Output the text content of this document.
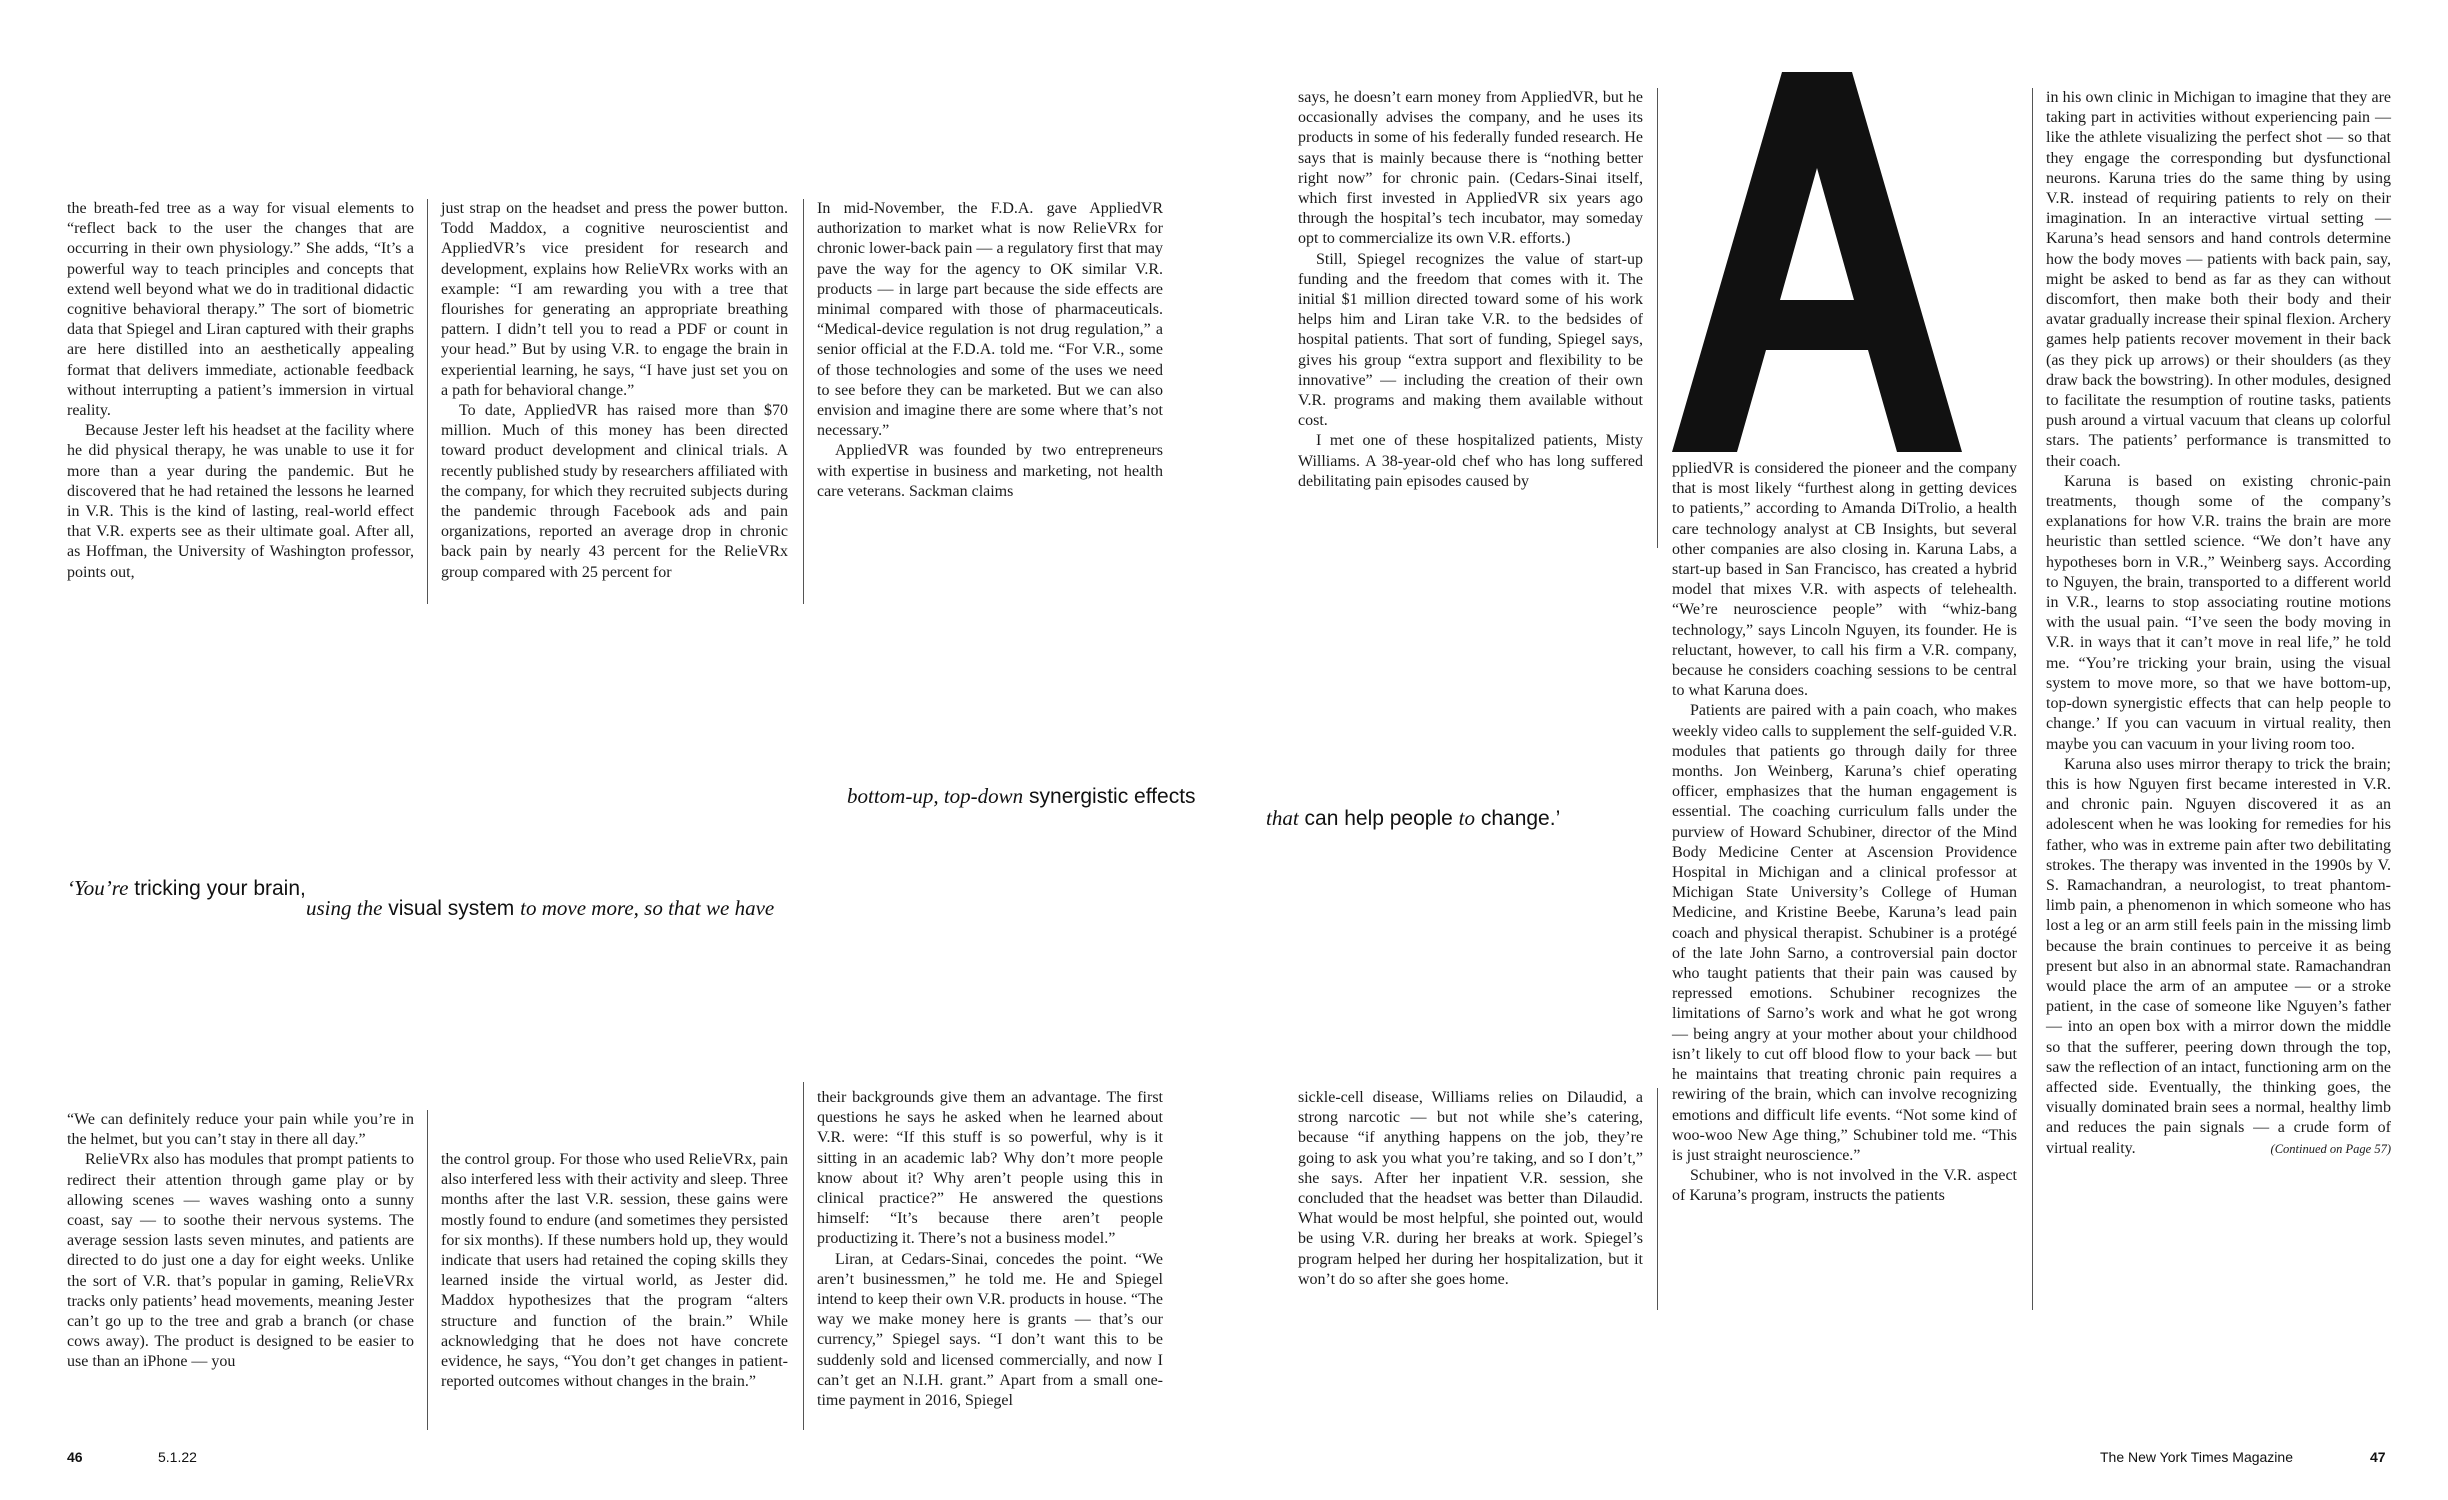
the breath-fed tree as a way for visual elements to “reflect back to the user the changes that are occurring in their own physiology.” She adds, “It’s a powerful way to teach principles and concepts that extend well beyond what we do in traditional didactic cognitive behavioral therapy.” The sort of biometric data that Spiegel and Liran captured with their graphs are here distilled into an aesthetically appealing format that delivers immediate, actionable feedback without interrupting a patient’s immersion in virtual reality.

Because Jester left his headset at the facility where he did physical therapy, he was unable to use it for more than a year during the pandemic. But he discovered that he had retained the lessons he learned in V.R. This is the kind of lasting, real-world effect that V.R. experts see as their ultimate goal. After all, as Hoffman, the University of Washington professor, points out,

just strap on the headset and press the power button. Todd Maddox, a cognitive neuroscientist and AppliedVR’s vice president for research and development, explains how RelieVRx works with an example: “I am rewarding you with a tree that flourishes for generating an appropriate breathing pattern. I didn’t tell you to read a PDF or count in your head.” But by using V.R. to engage the brain in experiential learning, he says, “I have just set you on a path for behavioral change.”

To date, AppliedVR has raised more than $70 million. Much of this money has been directed toward product development and clinical trials. A recently published study by researchers affiliated with the company, for which they recruited subjects during the pandemic through Facebook ads and pain organizations, reported an average drop in chronic back pain by nearly 43 percent for the RelieVRx group compared with 25 percent for

In mid-November, the F.D.A. gave AppliedVR authorization to market what is now RelieVRx for chronic lower-back pain — a regulatory first that may pave the way for the agency to OK similar V.R. products — in large part because the side effects are minimal compared with those of pharmaceuticals. “Medical-device regulation is not drug regulation,” a senior official at the F.D.A. told me. “For V.R., some of those technologies and some of the uses we need to see before they can be marketed. But we can also envision and imagine there are some where that’s not necessary.”

AppliedVR was founded by two entrepreneurs with expertise in business and marketing, not health care veterans. Sackman claims

bottom-up, top-down synergistic effects
‘You’re tricking your brain,
using the visual system to move more, so that we have

“We can definitely reduce your pain while you’re in the helmet, but you can’t stay in there all day.”

RelieVRx also has modules that prompt patients to redirect their attention through game play or by allowing scenes — waves washing onto a sunny coast, say — to soothe their nervous systems. The average session lasts seven minutes, and patients are directed to do just one a day for eight weeks. Unlike the sort of V.R. that’s popular in gaming, RelieVRx tracks only patients’ head movements, meaning Jester can’t go up to the tree and grab a branch (or chase cows away). The product is designed to be easier to use than an iPhone — you

the control group. For those who used RelieVRx, pain also interfered less with their activity and sleep. Three months after the last V.R. session, these gains were mostly found to endure (and sometimes they persisted for six months). If these numbers hold up, they would indicate that users had retained the coping skills they learned inside the virtual world, as Jester did. Maddox hypothesizes that the program “alters structure and function of the brain.” While acknowledging that he does not have concrete evidence, he says, “You don’t get changes in patient-reported outcomes without changes in the brain.”

their backgrounds give them an advantage. The first questions he says he asked when he learned about V.R. were: “If this stuff is so powerful, why is it sitting in an academic lab? Why don’t more people know about it? Why aren’t people using this in clinical practice?” He answered the questions himself: “It’s because there aren’t people productizing it. There’s not a business model.”

Liran, at Cedars-Sinai, concedes the point. “We aren’t businessmen,” he told me. He and Spiegel intend to keep their own V.R. products in house. “The way we make money here is grants — that’s our currency,” Spiegel says. “I don’t want this to be suddenly sold and licensed commercially, and now I can’t get an N.I.H. grant.” Apart from a small one-time payment in 2016, Spiegel

46	5.1.22

says, he doesn’t earn money from AppliedVR, but he occasionally advises the company, and he uses its products in some of his federally funded research. He says that is mainly because there is “nothing better right now” for chronic pain. (Cedars-Sinai itself, which first invested in AppliedVR six years ago through the hospital’s tech incubator, may someday opt to commercialize its own V.R. efforts.)

Still, Spiegel recognizes the value of start-up funding and the freedom that comes with it. The initial $1 million directed toward some of his work helps him and Liran take V.R. to the bedsides of hospital patients. That sort of funding, Spiegel says, gives his group “extra support and flexibility to be innovative” — including the creation of their own V.R. programs and making them available without cost.

I met one of these hospitalized patients, Misty Williams. A 38-year-old chef who has long suffered debilitating pain episodes caused by

that can help people to change.’

sickle-cell disease, Williams relies on Dilaudid, a strong narcotic — but not while she’s catering, because “if anything happens on the job, they’re going to ask you what you’re taking, and so I don’t,” she says. After her inpatient V.R. session, she concluded that the headset was better than Dilaudid. What would be most helpful, she pointed out, would be using V.R. during her breaks at work. Spiegel’s program helped her during her hospitalization, but it won’t do so after she goes home.

ppliedVR is considered the pioneer and the company that is most likely “furthest along in getting devices to patients,” according to Amanda DiTrolio, a health care technology analyst at CB Insights, but several other companies are also closing in. Karuna Labs, a start-up based in San Francisco, has created a hybrid model that mixes V.R. with aspects of telehealth. “We’re neuroscience people” with “whiz-bang technology,” says Lincoln Nguyen, its founder. He is reluctant, however, to call his firm a V.R. company, because he considers coaching sessions to be central to what Karuna does.

Patients are paired with a pain coach, who makes weekly video calls to supplement the self-guided V.R. modules that patients go through daily for three months. Jon Weinberg, Karuna’s chief operating officer, emphasizes that the human engagement is essential. The coaching curriculum falls under the purview of Howard Schubiner, director of the Mind Body Medicine Center at Ascension Providence Hospital in Michigan and a clinical professor at Michigan State University’s College of Human Medicine, and Kristine Beebe, Karuna’s lead pain coach and physical therapist. Schubiner is a protégé of the late John Sarno, a controversial pain doctor who taught patients that their pain was caused by repressed emotions. Schubiner recognizes the limitations of Sarno’s work and what he got wrong — being angry at your mother about your childhood isn’t likely to cut off blood flow to your back — but he maintains that treating chronic pain requires a rewiring of the brain, which can involve recognizing emotions and difficult life events. “Not some kind of woo-woo New Age thing,” Schubiner told me. “This is just straight neuroscience.”

Schubiner, who is not involved in the V.R. aspect of Karuna’s program, instructs the patients

in his own clinic in Michigan to imagine that they are taking part in activities without experiencing pain — like the athlete visualizing the perfect shot — so that they engage the corresponding but dysfunctional neurons. Karuna tries do the same thing by using V.R. instead of requiring patients to rely on their imagination. In an interactive virtual setting — Karuna’s head sensors and hand controls determine how the body moves — patients with back pain, say, might be asked to bend as far as they can without discomfort, then make both their body and their avatar gradually increase their spinal flexion. Archery games help patients recover movement in their back (as they pick up arrows) or their shoulders (as they draw back the bowstring). In other modules, designed to facilitate the resumption of routine tasks, patients push around a virtual vacuum that cleans up colorful stars. The patients’ performance is transmitted to their coach.

Karuna is based on existing chronic-pain treatments, though some of the company’s explanations for how V.R. trains the brain are more heuristic than settled science. “We don’t have any hypotheses born in V.R.,” Weinberg says. According to Nguyen, the brain, transported to a different world in V.R., learns to stop associating routine motions with the usual pain. “I’ve seen the body moving in V.R. in ways that it can’t move in real life,” he told me. “You’re tricking your brain, using the visual system to move more, so that we have bottom-up, top-down synergistic effects that can help people to change.’ If you can vacuum in virtual reality, then maybe you can vacuum in your living room too.

Karuna also uses mirror therapy to trick the brain; this is how Nguyen first became interested in V.R. and chronic pain. Nguyen discovered it as an adolescent when he was looking for remedies for his father, who was in extreme pain after two debilitating strokes. The therapy was invented in the 1990s by V. S. Ramachandran, a neurologist, to treat phantom-limb pain, a phenomenon in which someone who has lost a leg or an arm still feels pain in the missing limb because the brain continues to perceive it as being present but also in an abnormal state. Ramachandran would place the arm of an amputee — or a stroke patient, in the case of someone like Nguyen’s father — into an open box with a mirror down the middle so that the sufferer, peering down through the top, saw the reflection of an intact, functioning arm on the affected side. Eventually, the thinking goes, the visually dominated brain sees a normal, healthy limb and reduces the pain signals — a crude form of virtual reality.	(Continued on Page 57)
The New York Times Magazine	47
